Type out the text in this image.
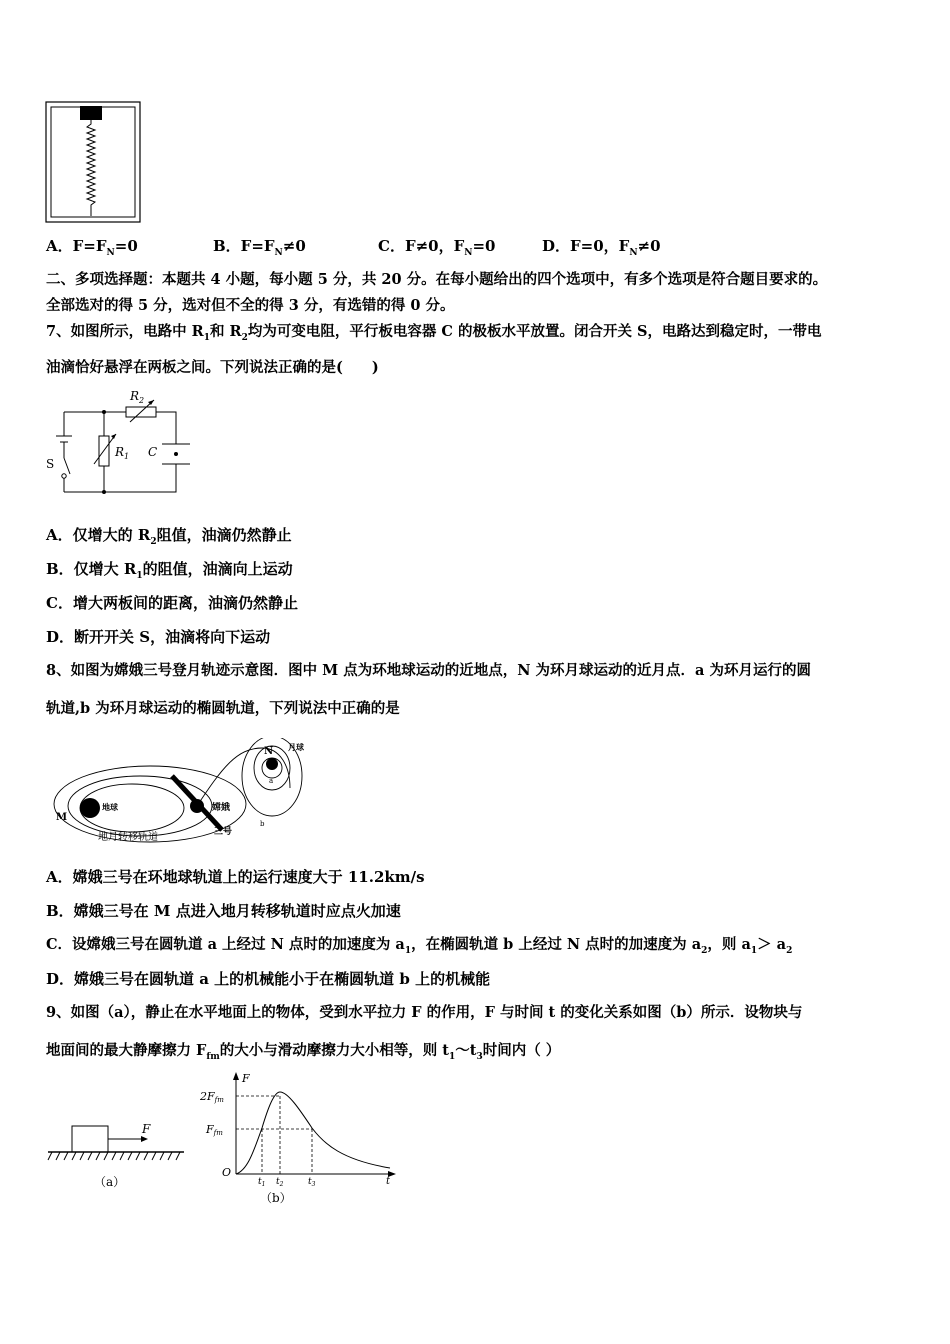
A．$F=F_N=0$	B．$F=F_N\ne 0$	C．F≠0，$F_N=0$	D．F=0，$F_N\ne 0$
二、多项选择题：本题共 4 小题，每小题 5 分，共 20 分。在每小题给出的四个选项中，有多个选项是符合题目要求的。
全部选对的得 5 分，选对但不全的得 3 分，有选错的得 0 分。
7、如图所示，电路中 $R_1$和 $R_2$均为可变电阻，平行板电容器 C 的极板水平放置。闭合开关 S，电路达到稳定时，一带电
油滴恰好悬浮在两板之间。下列说法正确的是(　　)
$R_2$
$R_1$ C
S
A．仅增大的 $R_2$阻值，油滴仍然静止
B．仅增大 $R_1$的阻值，油滴向上运动
C．增大两板间的距离，油滴仍然静止
D．断开开关 S，油滴将向下运动
8、如图为嫦娥三号登月轨迹示意图．图中 M 点为环地球运动的近地点，N 为环月球运动的近月点．a 为环月运行的圆
轨道,b 为环月球运动的椭圆轨道，下列说法中正确的是
N 月球
M
地球	嫦娥
三号
地月转移轨道
a
b
A．嫦娥三号在环地球轨道上的运行速度大于 11.2km/s
B．嫦娥三号在 M 点进入地月转移轨道时应点火加速
C．设嫦娥三号在圆轨道 a 上经过 N 点时的加速度为 $a_1$，在椭圆轨道 b 上经过 N 点时的加速度为 $a_2$，则 $a_1> a_2$
D．嫦娥三号在圆轨道 a 上的机械能小于在椭圆轨道 b 上的机械能
9、如图（a），静止在水平地面上的物体，受到水平拉力 F 的作用，F 与时间 t 的变化关系如图（b）所示．设物块与
地面间的最大静摩擦力 $F_{fm}$的大小与滑动摩擦力大小相等，则 $t_1\sim t_3$时间内（ ）
F
（a）
F
2Ffm
Ffm
O
$t_1$ $t_2$	$t_3$	t
（b）
